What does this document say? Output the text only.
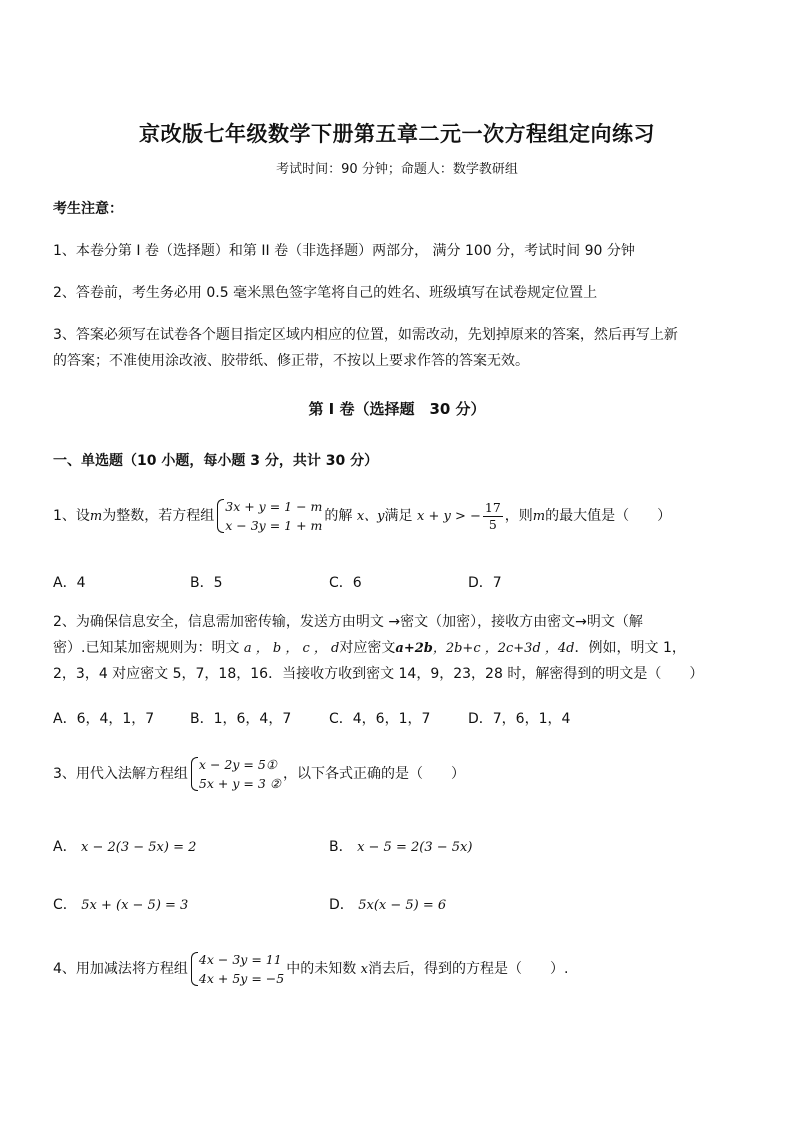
京改版七年级数学下册第五章二元一次方程组定向练习
考试时间：90 分钟；命题人：数学教研组
考生注意：
1、本卷分第 I 卷（选择题）和第 II 卷（非选择题）两部分， 满分 100 分，考试时间 90 分钟
2、答卷前，考生务必用 0.5 毫米黑色签字笔将自己的姓名、班级填写在试卷规定位置上
3、答案必须写在试卷各个题目指定区域内相应的位置，如需改动，先划掉原来的答案，然后再写上新
的答案；不准使用涂改液、胶带纸、修正带，不按以上要求作答的答案无效。
第 I 卷（选择题　30 分）
一、单选题（10 小题，每小题 3 分，共计 30 分）
1、设m为整数，若方程组
3x + y = 1 − m
x − 3y = 1 + m
的解 x、y满足 x + y > − $\frac{17}{5}$ ，则m的最大值是（　　）
A．4	B．5	C．6	D．7
2、为确保信息安全，信息需加密传输，发送方由明文 →密文（加密），接收方由密文→明文（解
密）.已知某加密规则为：明文 a ， b ， c ， d对应密文a+2b，2b+c ，2c+3d ，4d．例如，明文 1，
2，3，4 对应密文 5，7，18，16．当接收方收到密文 14，9，23，28 时，解密得到的明文是（　　）
A．6，4，1，7	B．1，6，4，7	C．4，6，1，7	D．7，6，1，4
3、用代入法解方程组
x − 2y = 5①
5x + y = 3 ②
，以下各式正确的是（　　）
A． x − 2(3 − 5x) = 2	B． x − 5 = 2(3 − 5x)
C． 5x + (x − 5) = 3	D． 5x(x − 5) = 6
4、用加减法将方程组
4x − 3y = 11
4x + 5y = −5
中的未知数 x消去后，得到的方程是（　　）.
